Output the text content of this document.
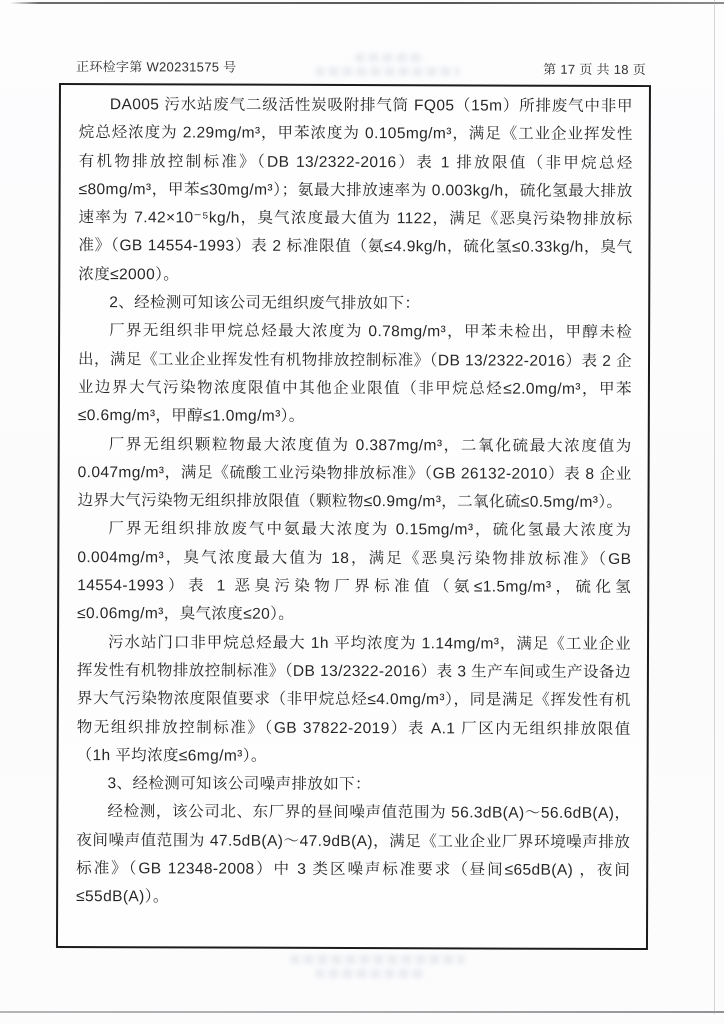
正环检字第 W20231575 号	第 17 页 共 18 页

DA005 污水站废气二级活性炭吸附排气筒 FQ05（15m）所排废气中非甲烷总烃浓度为 2.29mg/m³，甲苯浓度为 0.105mg/m³，满足《工业企业挥发性有机物排放控制标准》（DB 13/2322-2016）表 1 排放限值（非甲烷总烃≤80mg/m³，甲苯≤30mg/m³）；氨最大排放速率为 0.003kg/h，硫化氢最大排放速率为 7.42×10⁻⁵kg/h，臭气浓度最大值为 1122，满足《恶臭污染物排放标准》（GB 14554-1993）表 2 标准限值（氨≤4.9kg/h，硫化氢≤0.33kg/h，臭气浓度≤2000）。

2、经检测可知该公司无组织废气排放如下：

厂界无组织非甲烷总烃最大浓度为 0.78mg/m³，甲苯未检出，甲醇未检出，满足《工业企业挥发性有机物排放控制标准》（DB 13/2322-2016）表 2 企业边界大气污染物浓度限值中其他企业限值（非甲烷总烃≤2.0mg/m³，甲苯≤0.6mg/m³，甲醇≤1.0mg/m³）。

厂界无组织颗粒物最大浓度值为 0.387mg/m³，二氧化硫最大浓度值为 0.047mg/m³，满足《硫酸工业污染物排放标准》（GB 26132-2010）表 8 企业边界大气污染物无组织排放限值（颗粒物≤0.9mg/m³，二氧化硫≤0.5mg/m³）。

厂界无组织排放废气中氨最大浓度为 0.15mg/m³，硫化氢最大浓度为 0.004mg/m³，臭气浓度最大值为 18，满足《恶臭污染物排放标准》（GB 14554-1993）表 1 恶臭污染物厂界标准值（氨≤1.5mg/m³，硫化氢≤0.06mg/m³，臭气浓度≤20）。

污水站门口非甲烷总烃最大 1h 平均浓度为 1.14mg/m³，满足《工业企业挥发性有机物排放控制标准》（DB 13/2322-2016）表 3 生产车间或生产设备边界大气污染物浓度限值要求（非甲烷总烃≤4.0mg/m³），同是满足《挥发性有机物无组织排放控制标准》（GB 37822-2019）表 A.1 厂区内无组织排放限值（1h 平均浓度≤6mg/m³）。

3、经检测可知该公司噪声排放如下：

经检测，该公司北、东厂界的昼间噪声值范围为 56.3dB(A)～56.6dB(A)，夜间噪声值范围为 47.5dB(A)～47.9dB(A)，满足《工业企业厂界环境噪声排放标准》（GB 12348-2008）中 3 类区噪声标准要求（昼间≤65dB(A) ，夜间≤55dB(A)）。
